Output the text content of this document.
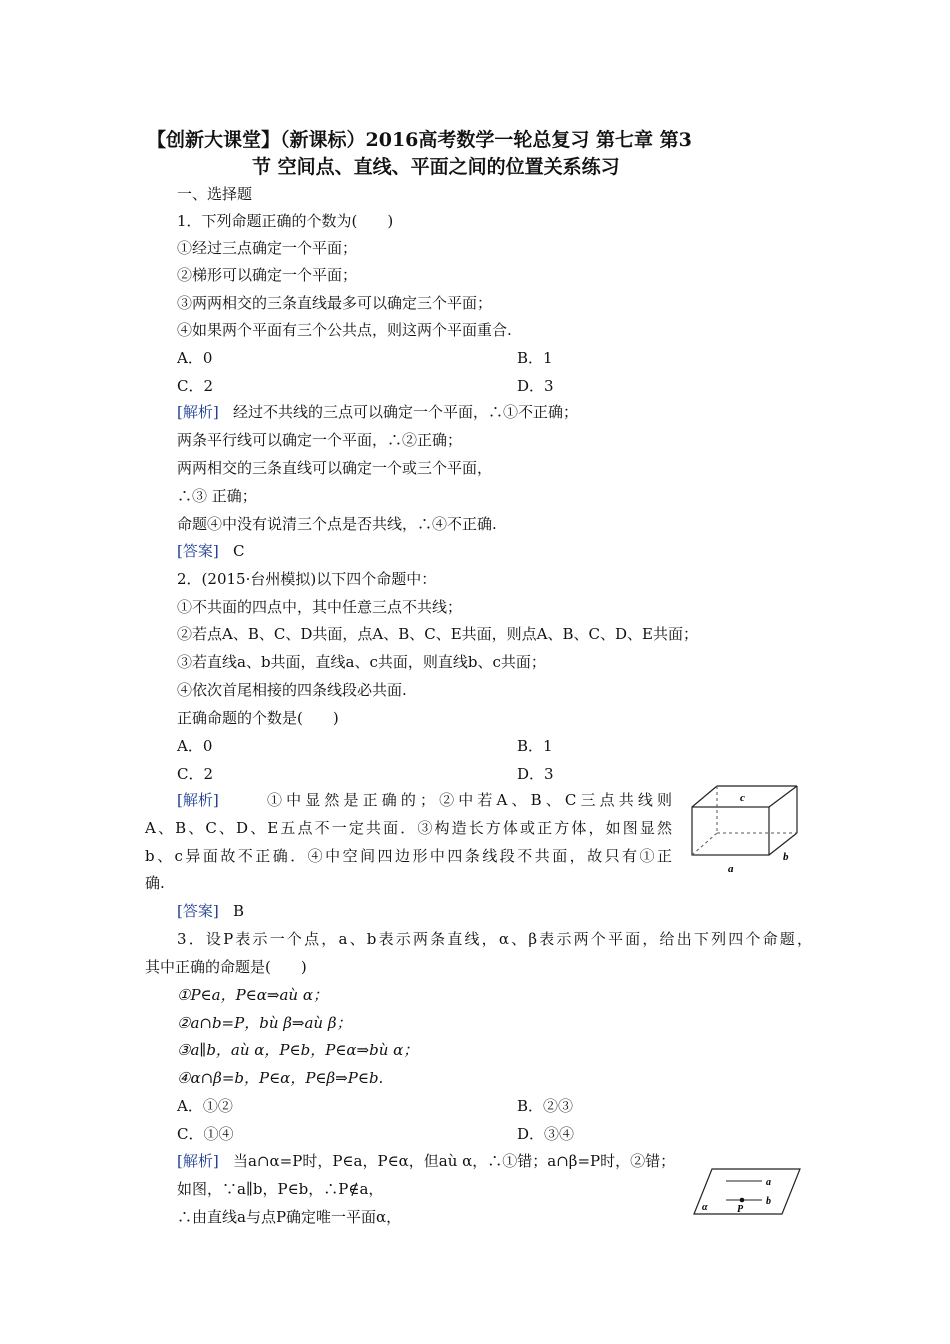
【创新大课堂】（新课标）2016高考数学一轮总复习 第七章 第3
节 空间点、直线、平面之间的位置关系练习
一、选择题
1．下列命题正确的个数为(　　)
①经过三点确定一个平面；
②梯形可以确定一个平面；
③两两相交的三条直线最多可以确定三个平面；
④如果两个平面有三个公共点，则这两个平面重合.
A．0	B．1
C．2	D．3
[解析] 经过不共线的三点可以确定一个平面，∴①不正确；
两条平行线可以确定一个平面，∴②正确；
两两相交的三条直线可以确定一个或三个平面，
∴③ 正确；
命题④中没有说清三个点是否共线，∴④不正确.
[答案] C
2．(2015·台州模拟)以下四个命题中：
①不共面的四点中，其中任意三点不共线；
②若点A、B、C、D共面，点A、B、C、E共面，则点A、B、C、D、E共面；
③若直线a、b共面，直线a、c共面，则直线b、c共面；
④依次首尾相接的四条线段必共面.
正确命题的个数是(　　)
A．0	B．1
C．2	D．3
[解析]	①中显然是正确的；②中若A、B、C三点共线则
A、B、C、D、E五点不一定共面．③构造长方体或正方体，如图显然
b、c异面故不正确．④中空间四边形中四条线段不共面，故只有①正
确.
c
a
b
[答案] B
3．设P表示一个点，a、b表示两条直线，α、β表示两个平面，给出下列四个命题，
其中正确的命题是(　　)
①P∈a，P∈α⇒aù α；
②a∩b=P，bù β⇒aù β；
③a∥b，aù α，P∈b，P∈α⇒bù α；
④α∩β=b，P∈α，P∈β⇒P∈b.
A．①②	B．②③
C．①④	D．③④
[解析] 当a∩α=P时，P∈a，P∈α，但aù α，∴①错；a∩β=P时，②错；
如图，∵a∥b，P∈b，∴P∉a，
∴由直线a与点P确定唯一平面α，
a
b
P
α
